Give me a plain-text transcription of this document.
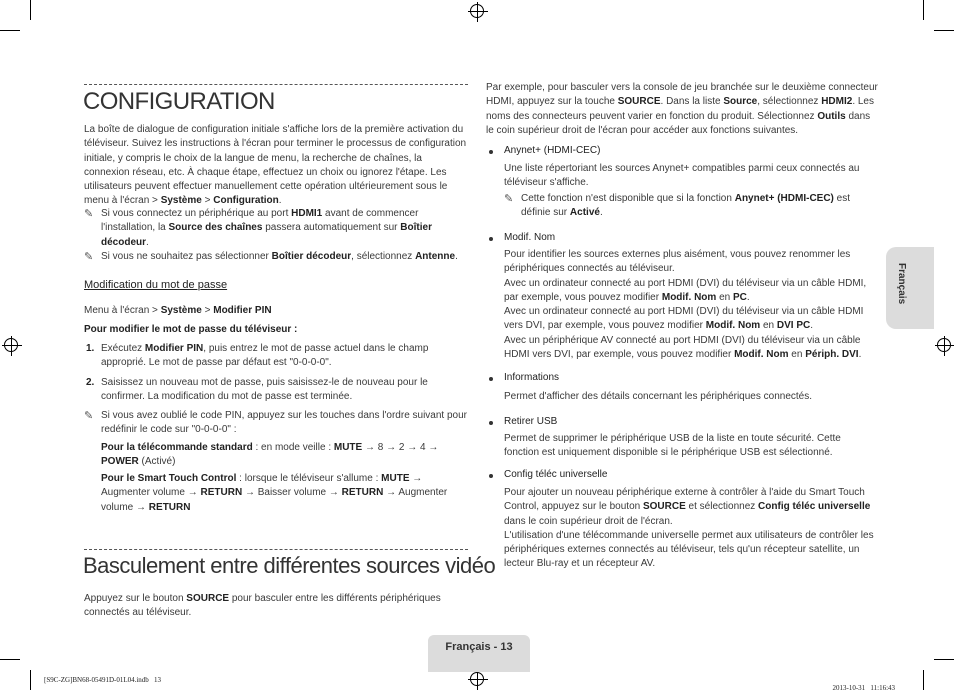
CONFIGURATION
La boîte de dialogue de configuration initiale s'affiche lors de la première activation du téléviseur. Suivez les instructions à l'écran pour terminer le processus de configuration initiale, y compris le choix de la langue de menu, la recherche de chaînes, la connexion réseau, etc. À chaque étape, effectuez un choix ou ignorez l'étape. Les utilisateurs peuvent effectuer manuellement cette opération ultérieurement sous le menu à l'écran > Système > Configuration.
✎ Si vous connectez un périphérique au port HDMI1 avant de commencer l'installation, la Source des chaînes passera automatiquement sur Boîtier décodeur.
✎ Si vous ne souhaitez pas sélectionner Boîtier décodeur, sélectionnez Antenne.
Modification du mot de passe
Menu à l'écran > Système > Modifier PIN
Pour modifier le mot de passe du téléviseur :
1. Exécutez Modifier PIN, puis entrez le mot de passe actuel dans le champ approprié. Le mot de passe par défaut est "0-0-0-0".
2. Saisissez un nouveau mot de passe, puis saisissez-le de nouveau pour le confirmer. La modification du mot de passe est terminée.
✎ Si vous avez oublié le code PIN, appuyez sur les touches dans l'ordre suivant pour redéfinir le code sur "0-0-0-0" :
Pour la télécommande standard : en mode veille : MUTE → 8 → 2 → 4 → POWER (Activé)
Pour le Smart Touch Control : lorsque le téléviseur s'allume : MUTE → Augmenter volume → RETURN → Baisser volume → RETURN → Augmenter volume → RETURN
Basculement entre différentes sources vidéo
Appuyez sur le bouton SOURCE pour basculer entre les différents périphériques connectés au téléviseur.
Par exemple, pour basculer vers la console de jeu branchée sur le deuxième connecteur HDMI, appuyez sur la touche SOURCE. Dans la liste Source, sélectionnez HDMI2. Les noms des connecteurs peuvent varier en fonction du produit. Sélectionnez Outils dans le coin supérieur droit de l'écran pour accéder aux fonctions suivantes.
Anynet+ (HDMI-CEC)
Une liste répertoriant les sources Anynet+ compatibles parmi ceux connectés au téléviseur s'affiche.
✎ Cette fonction n'est disponible que si la fonction Anynet+ (HDMI-CEC) est définie sur Activé.
Modif. Nom
Pour identifier les sources externes plus aisément, vous pouvez renommer les périphériques connectés au téléviseur.
Avec un ordinateur connecté au port HDMI (DVI) du téléviseur via un câble HDMI, par exemple, vous pouvez modifier Modif. Nom en PC.
Avec un ordinateur connecté au port HDMI (DVI) du téléviseur via un câble HDMI vers DVI, par exemple, vous pouvez modifier Modif. Nom en DVI PC.
Avec un périphérique AV connecté au port HDMI (DVI) du téléviseur via un câble HDMI vers DVI, par exemple, vous pouvez modifier Modif. Nom en Périph. DVI.
Informations
Permet d'afficher des détails concernant les périphériques connectés.
Retirer USB
Permet de supprimer le périphérique USB de la liste en toute sécurité. Cette fonction est uniquement disponible si le périphérique USB est sélectionné.
Config téléc universelle
Pour ajouter un nouveau périphérique externe à contrôler à l'aide du Smart Touch Control, appuyez sur le bouton SOURCE et sélectionnez Config téléc universelle dans le coin supérieur droit de l'écran.
L'utilisation d'une télécommande universelle permet aux utilisateurs de contrôler les périphériques externes connectés au téléviseur, tels qu'un récepteur satellite, un lecteur Blu-ray et un récepteur AV.
Français
Français - 13
[S9C-ZG]BN68-05491D-01L04.indb   13

2013-10-31   11:16:43
